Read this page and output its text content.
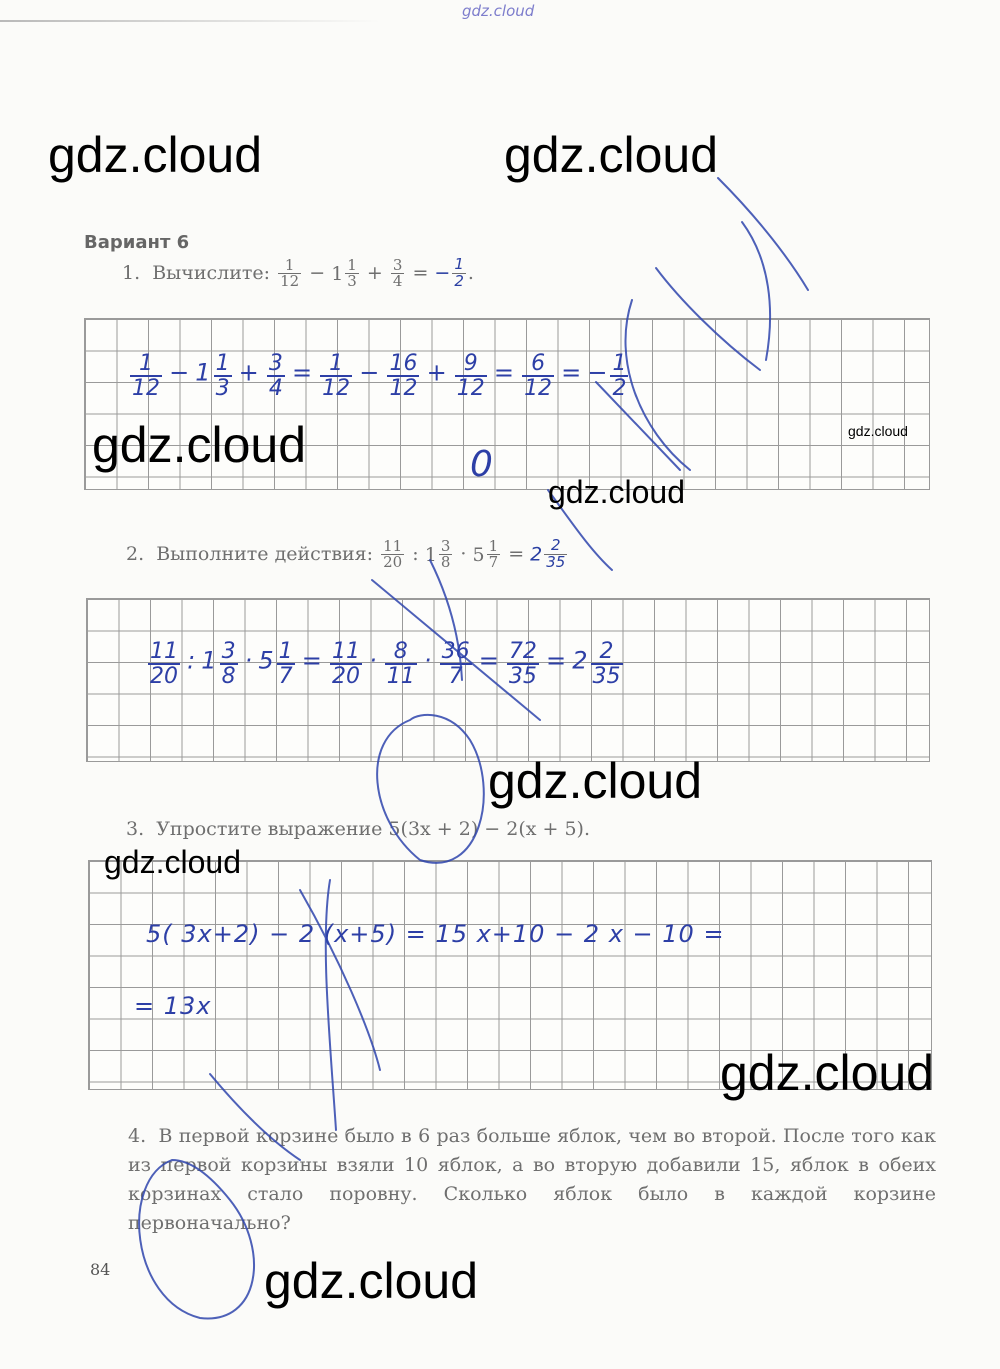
gdz.cloud
gdz.cloud	gdz.cloud
gdz.cloud	gdz.cloud
gdz.cloud
gdz.cloud
gdz.cloud
gdz.cloud
gdz.cloud
Вариант 6
1. Вычислите: $\frac{1}{12} - 1 \frac{1}{3} + \frac{3}{4}$ = − $\frac{1}{2}$ .
$\frac{1}{12} - 1 \frac{1}{3} + \frac{3}{4} = \frac{1}{12} - \frac{16}{12} + \frac{9}{12} = \frac{6}{12}$ = − $\frac{1}{2}$
0
2. Выполните действия: $\frac{11}{20}$ : $1 \frac{3}{8} \cdot 5 \frac{1}{7} = 2 \frac{2}{35}$
$\frac{11}{20}$ : $1 \frac{3}{8} \cdot 5 \frac{1}{7} = \frac{11}{20} \cdot \frac{8}{11} \cdot \frac{36}{7} = \frac{72}{35} = 2 \frac{2}{35}$
3. Упростите выражение 5(3x + 2) − 2(x + 5).
5( 3x+2) − 2 (x+5) = 15 x+10 − 2 x − 10 =
= 13x
4. В первой корзине было в 6 раз больше яблок, чем во второй. После того как из первой корзины взяли 10 яблок, а во вторую добавили 15, яблок в обеих корзинах стало поровну. Сколько яблок было в каждой корзине первоначально?
84
